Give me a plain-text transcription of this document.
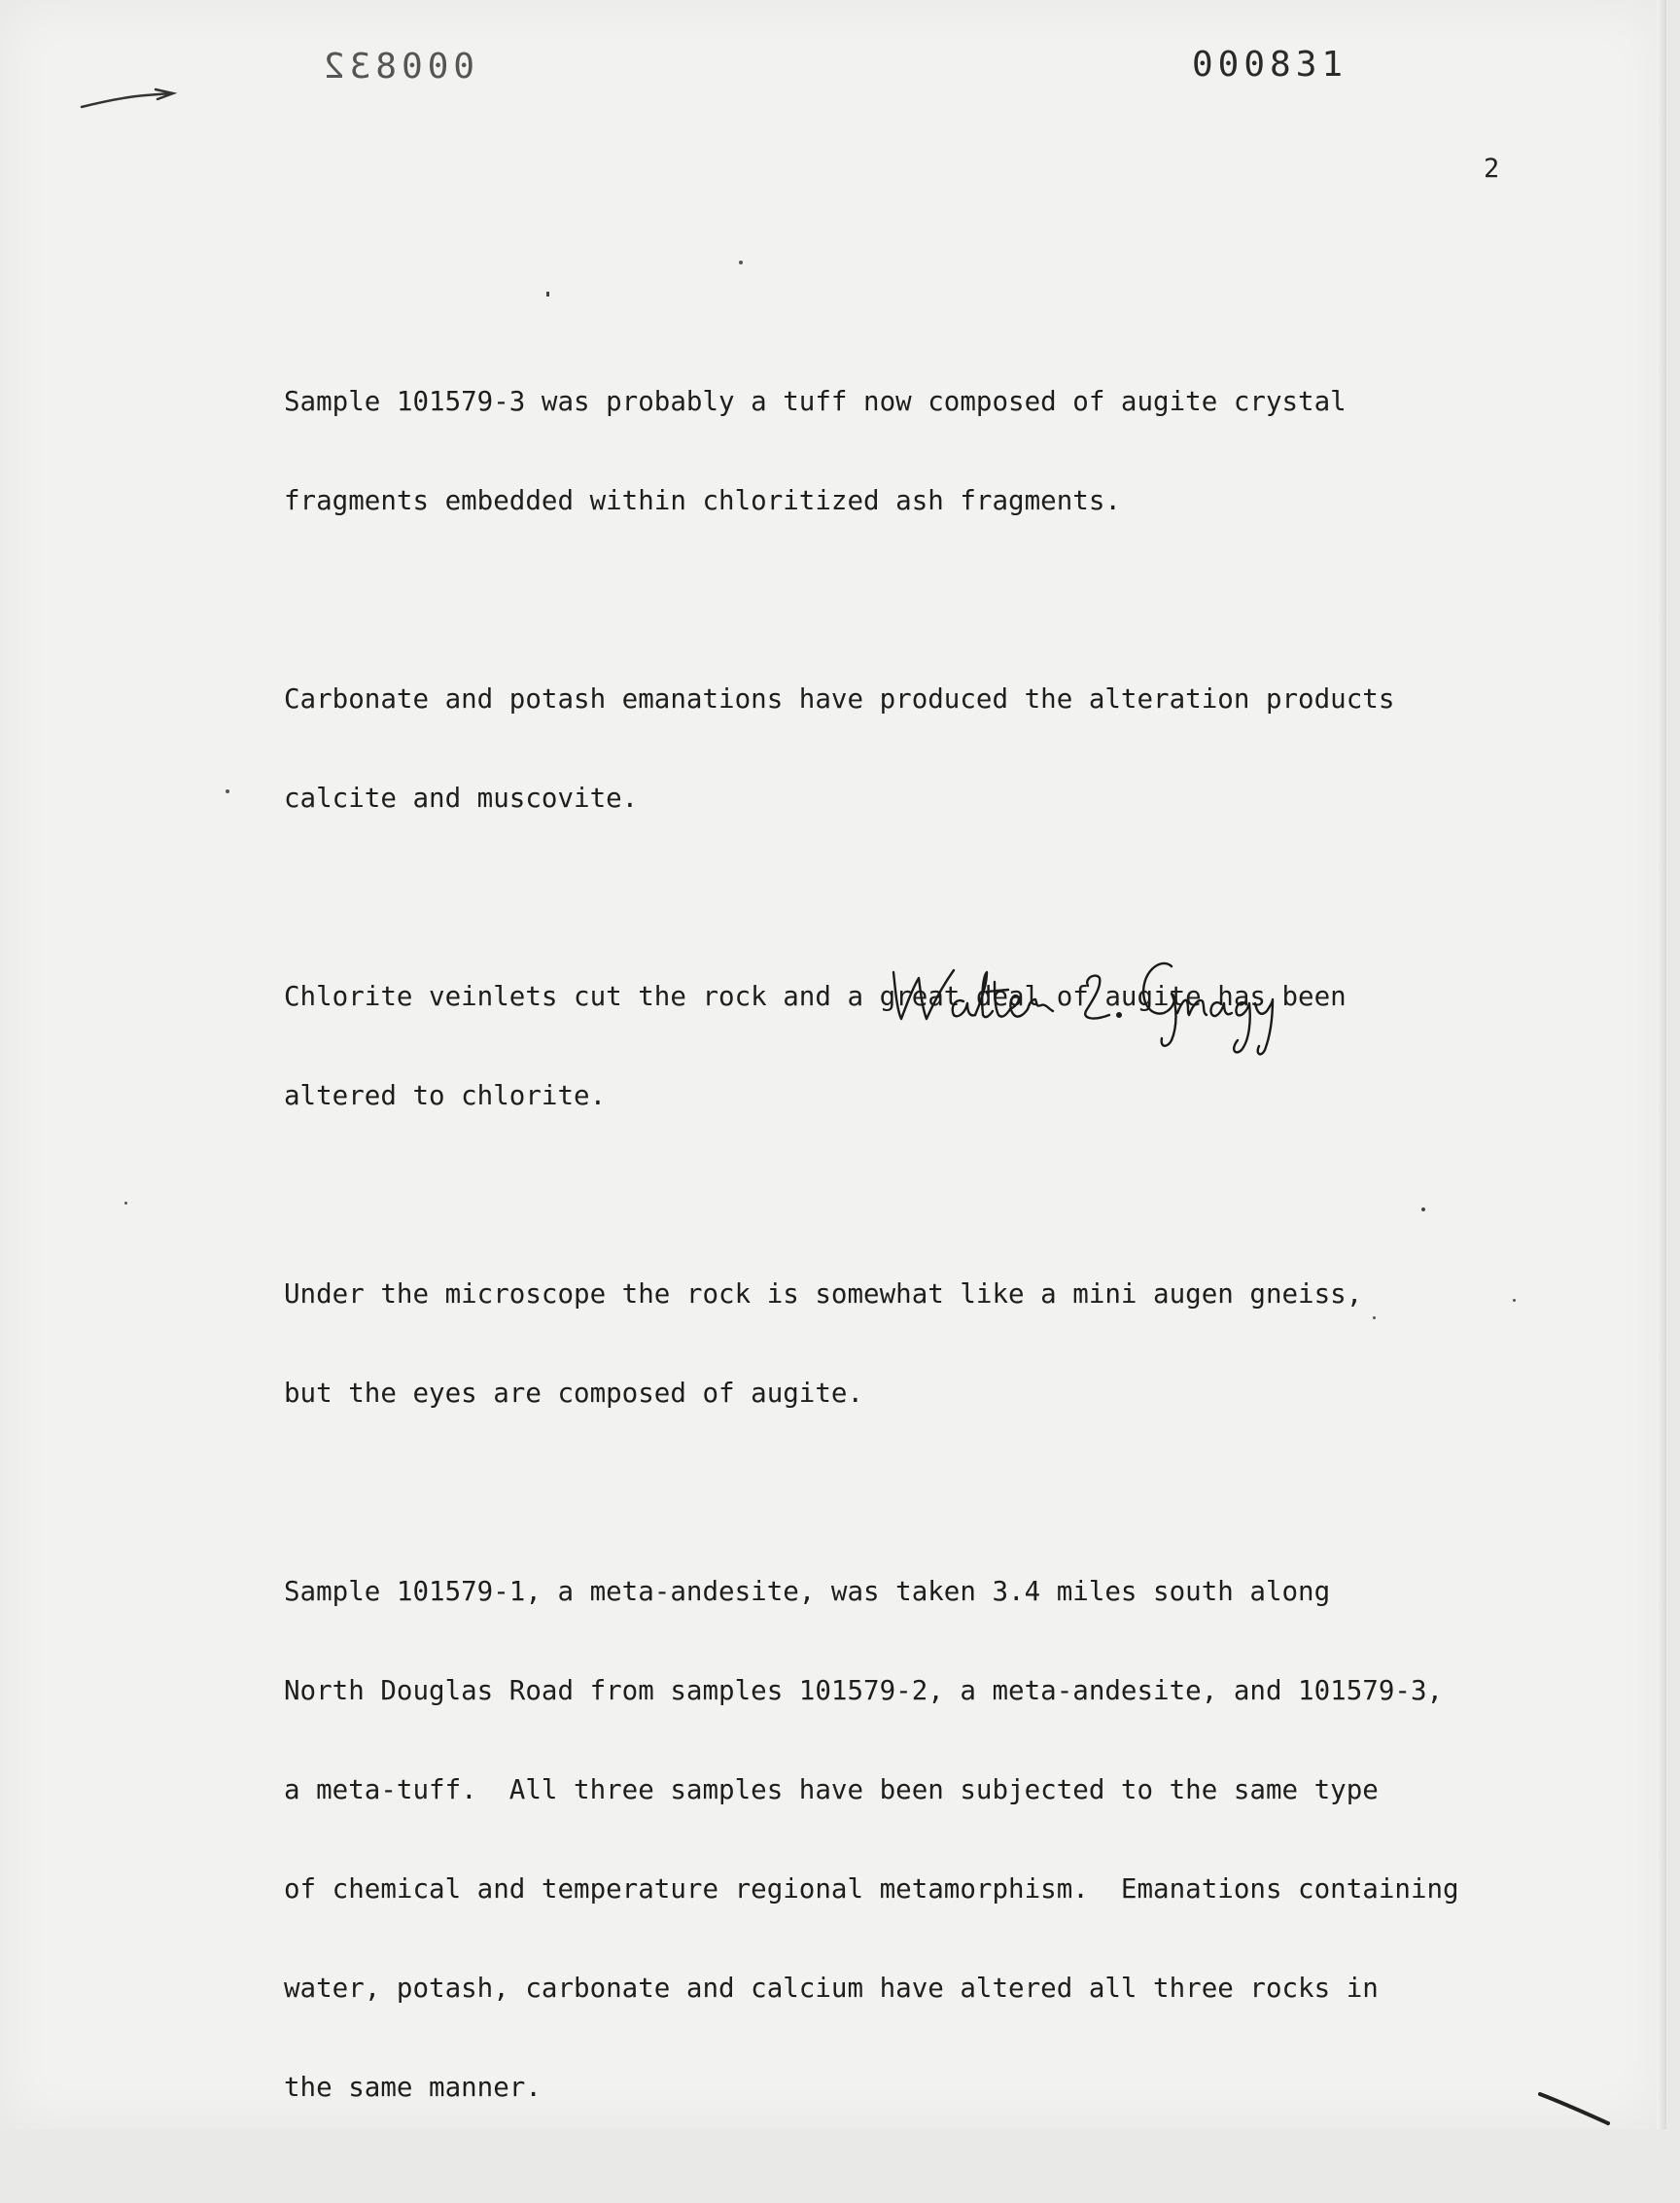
000832	000831
2

Sample 101579-3 was probably a tuff now composed of augite crystal

fragments embedded within chloritized ash fragments.

Carbonate and potash emanations have produced the alteration products

calcite and muscovite.

Chlorite veinlets cut the rock and a great deal of augite has been

altered to chlorite.

Under the microscope the rock is somewhat like a mini augen gneiss,

but the eyes are composed of augite.

Sample 101579-1, a meta-andesite, was taken 3.4 miles south along

North Douglas Road from samples 101579-2, a meta-andesite, and 101579-3,

a meta-tuff.  All three samples have been subjected to the same type

of chemical and temperature regional metamorphism.  Emanations containing

water, potash, carbonate and calcium have altered all three rocks in

the same manner.
